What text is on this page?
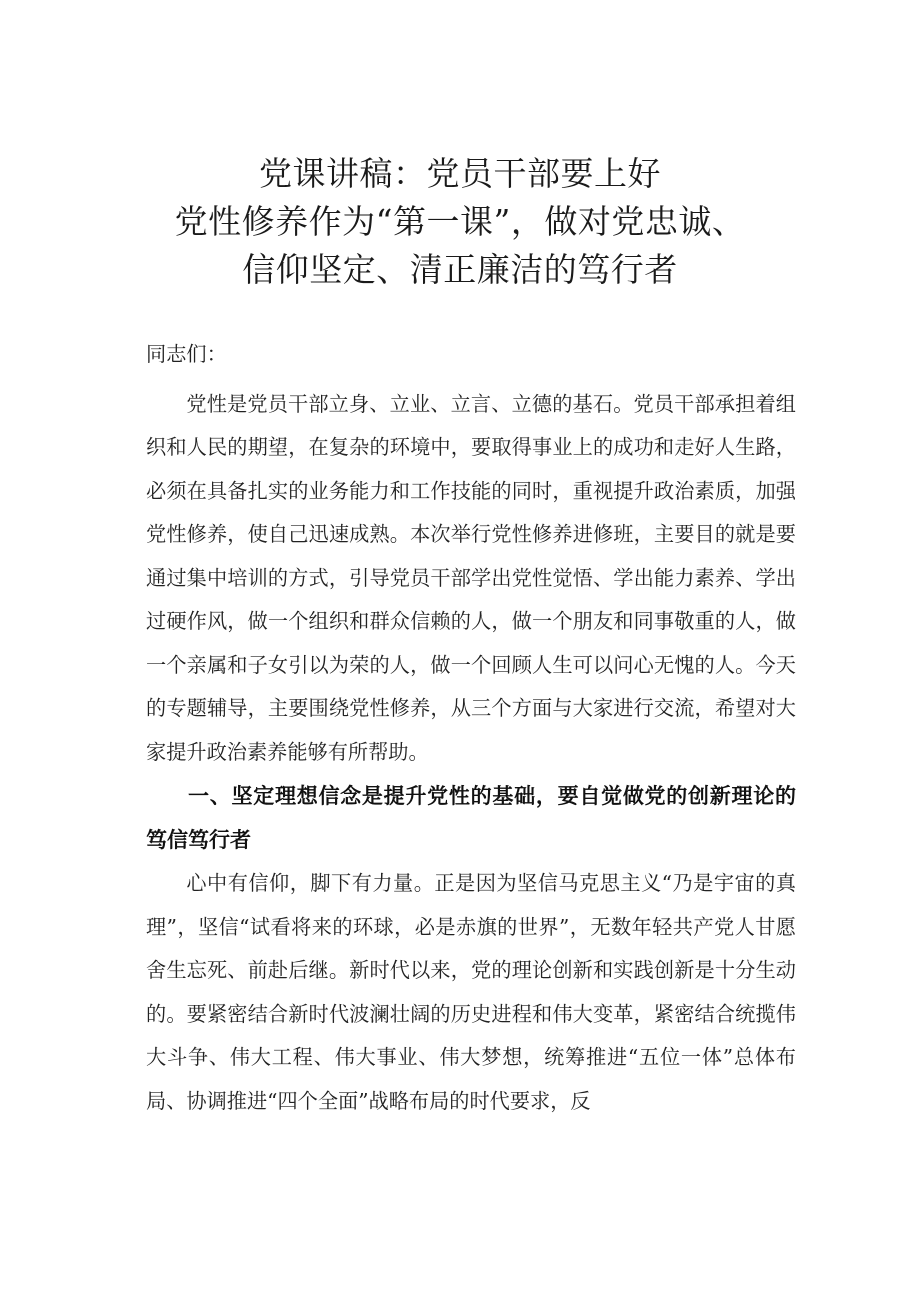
党课讲稿：党员干部要上好
党性修养作为“第一课”，做对党忠诚、
信仰坚定、清正廉洁的笃行者

同志们：

党性是党员干部立身、立业、立言、立德的基石。党员干部承担着组织和人民的期望，在复杂的环境中，要取得事业上的成功和走好人生路，必须在具备扎实的业务能力和工作技能的同时，重视提升政治素质，加强党性修养，使自己迅速成熟。本次举行党性修养进修班，主要目的就是要通过集中培训的方式，引导党员干部学出党性觉悟、学出能力素养、学出过硬作风，做一个组织和群众信赖的人，做一个朋友和同事敬重的人，做一个亲属和子女引以为荣的人，做一个回顾人生可以问心无愧的人。今天的专题辅导，主要围绕党性修养，从三个方面与大家进行交流，希望对大家提升政治素养能够有所帮助。

一、坚定理想信念是提升党性的基础，要自觉做党的创新理论的笃信笃行者

心中有信仰，脚下有力量。正是因为坚信马克思主义“乃是宇宙的真理”，坚信“试看将来的环球，必是赤旗的世界”，无数年轻共产党人甘愿舍生忘死、前赴后继。新时代以来，党的理论创新和实践创新是十分生动的。要紧密结合新时代波澜壮阔的历史进程和伟大变革，紧密结合统揽伟大斗争、伟大工程、伟大事业、伟大梦想，统筹推进“五位一体”总体布局、协调推进“四个全面”战略布局的时代要求，反
